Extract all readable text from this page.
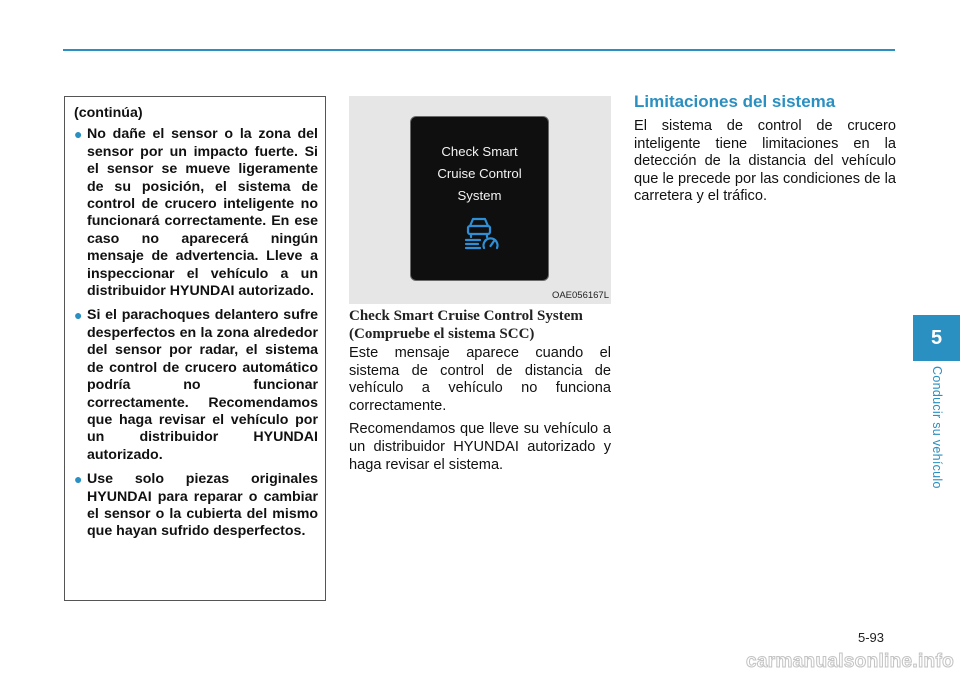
(continúa)
● No dañe el sensor o la zona del sensor por un impacto fuerte. Si el sensor se mueve ligeramente de su posición, el sistema de control de crucero inteligente no funcionará correctamente. En ese caso no aparecerá ningún mensaje de advertencia. Lleve a inspeccionar el vehículo a un distribuidor HYUNDAI autorizado.
● Si el parachoques delantero sufre desperfectos en la zona alrededor del sensor por radar, el sistema de control de crucero automático podría no funcionar correctamente. Recomendamos que haga revisar el vehículo por un distribuidor HYUNDAI autorizado.
● Use solo piezas originales HYUNDAI para reparar o cambiar el sensor o la cubierta del mismo que hayan sufrido desperfectos.
Check Smart
Cruise Control
System
OAE056167L
Check Smart Cruise Control System
(Compruebe el sistema SCC)

Este mensaje aparece cuando el sistema de control de distancia de vehículo a vehículo no funciona correctamente.

Recomendamos que lleve su vehículo a un distribuidor HYUNDAI autorizado y haga revisar el sistema.

Limitaciones del sistema

El sistema de control de crucero inteligente tiene limitaciones en la detección de la distancia del vehículo que le precede por las condiciones de la carretera y el tráfico.

5
Conducir su vehículo
5-93
carmanualsonline.info
